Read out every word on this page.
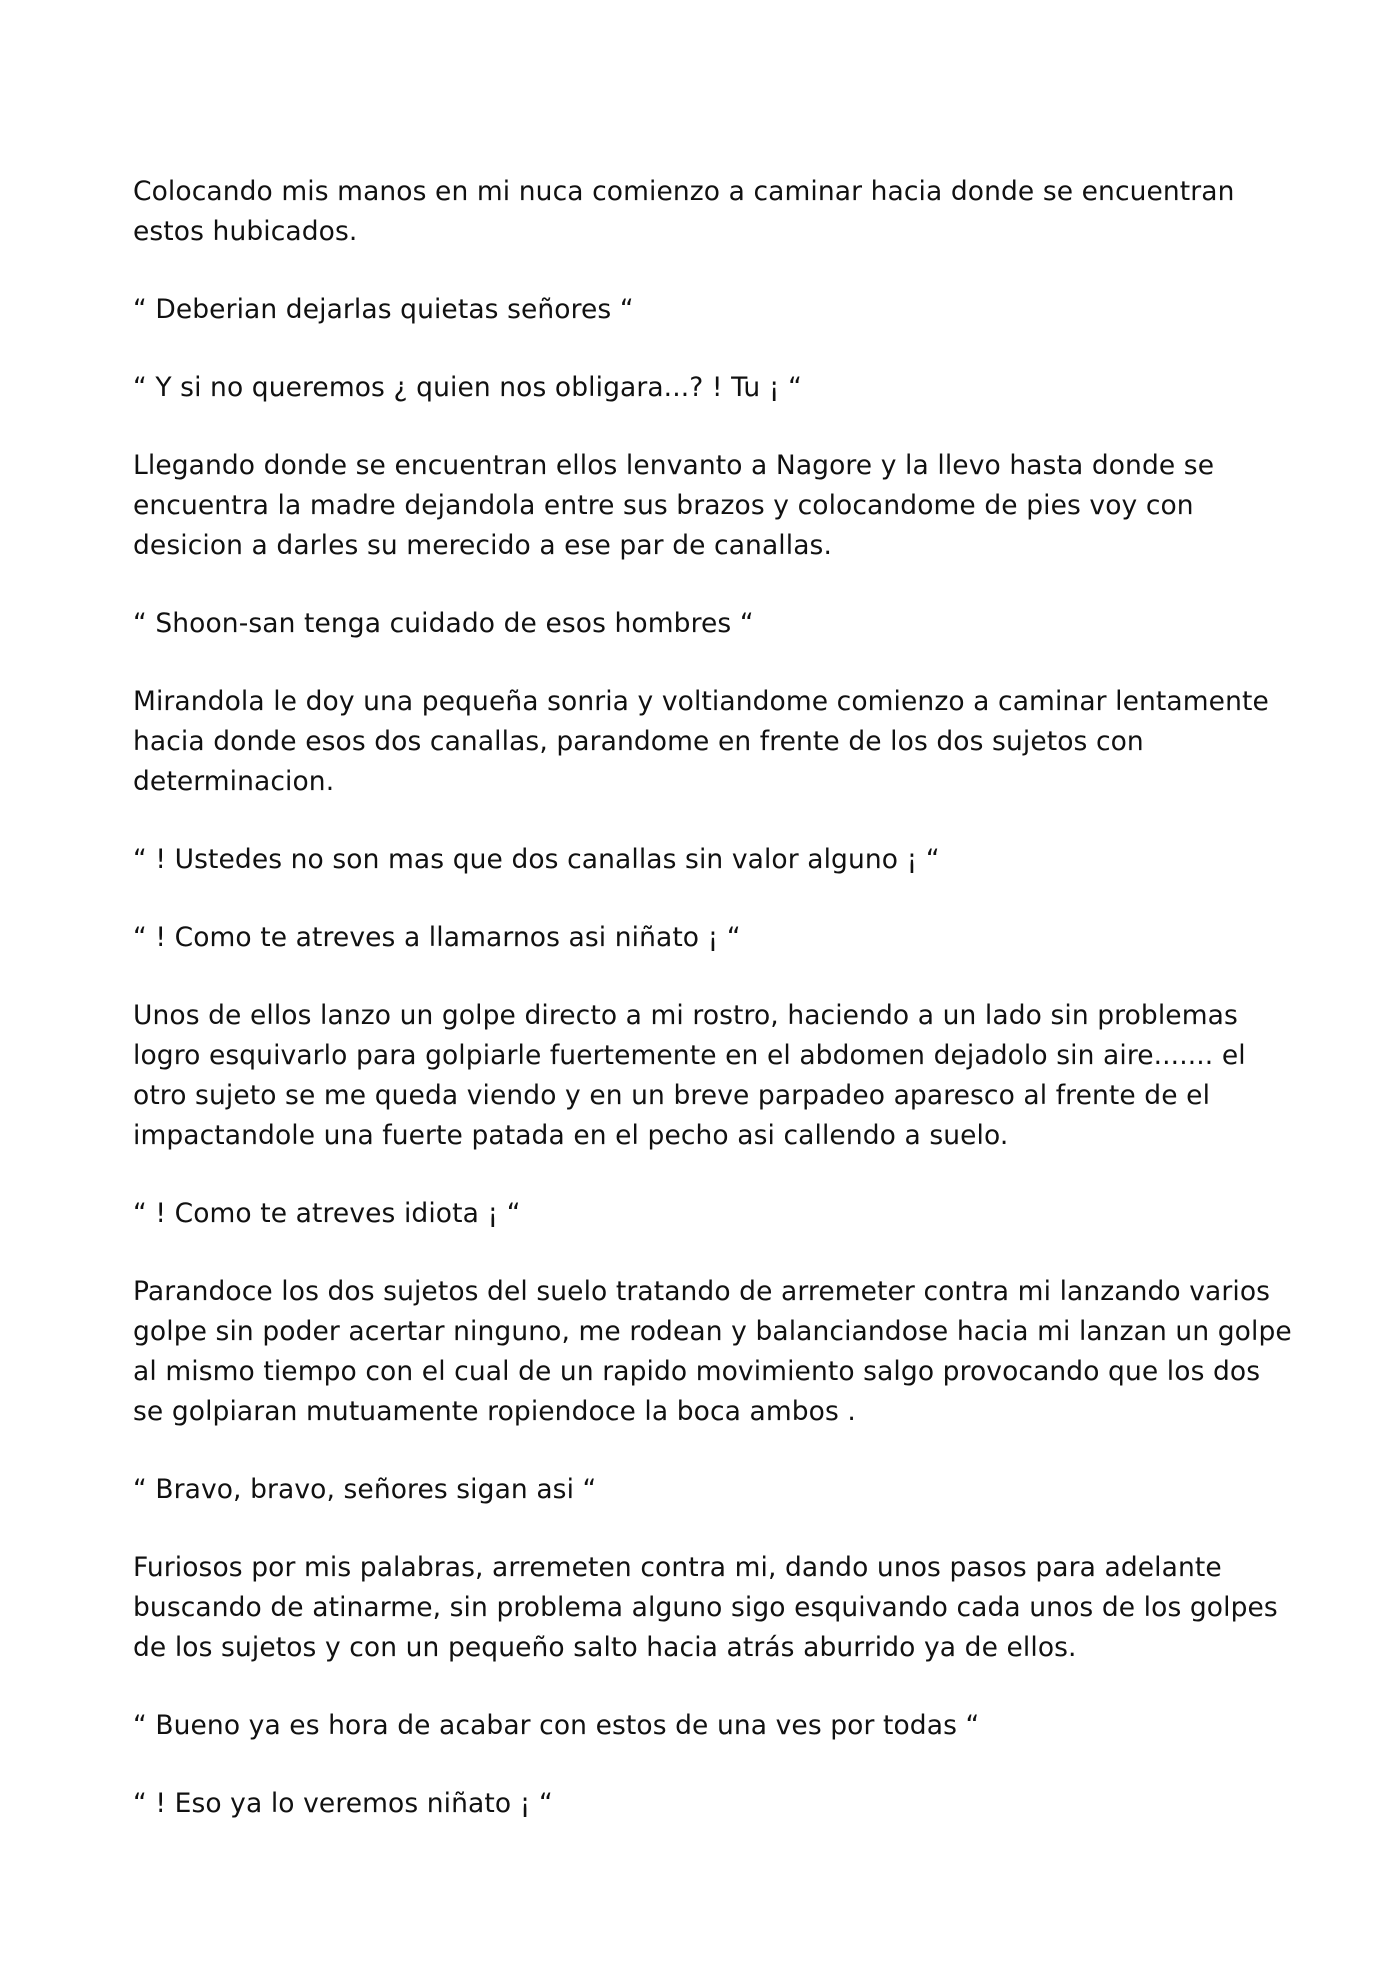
Colocando mis manos en mi nuca comienzo a caminar hacia donde se encuentran estos hubicados.

“ Deberian dejarlas quietas señores “

“ Y si no queremos ¿ quien nos obligara...? ! Tu ¡ “

Llegando donde se encuentran ellos lenvanto a Nagore y la llevo hasta donde se encuentra la madre dejandola entre sus brazos y colocandome de pies voy con desicion a darles su merecido a ese par de canallas.

“ Shoon-san tenga cuidado de esos hombres “

Mirandola le doy una pequeña sonria y voltiandome comienzo a caminar lentamente hacia donde esos dos canallas, parandome en frente de los dos sujetos con determinacion.

“ ! Ustedes no son mas que dos canallas sin valor alguno ¡ “

“ ! Como te atreves a llamarnos asi niñato ¡ “

Unos de ellos lanzo un golpe directo a mi rostro, haciendo a un lado sin problemas logro esquivarlo para golpiarle fuertemente en el abdomen dejadolo sin aire....... el otro sujeto se me queda viendo y en un breve parpadeo aparesco al frente de el impactandole una fuerte patada en el pecho asi callendo a suelo.

“ ! Como te atreves idiota ¡ “

Parandoce los dos sujetos del suelo tratando de arremeter contra mi lanzando varios golpe sin poder acertar ninguno, me rodean y balanciandose hacia mi lanzan un golpe al mismo tiempo con el cual de un rapido movimiento salgo provocando que los dos se golpiaran mutuamente ropiendoce la boca ambos .

“ Bravo, bravo, señores sigan asi “

Furiosos por mis palabras, arremeten contra mi, dando unos pasos para adelante buscando de atinarme, sin problema alguno sigo esquivando cada unos de los golpes de los sujetos y con un pequeño salto hacia atrás aburrido ya de ellos.

“ Bueno ya es hora de acabar con estos de una ves por todas “

“ ! Eso ya lo veremos niñato ¡ “
